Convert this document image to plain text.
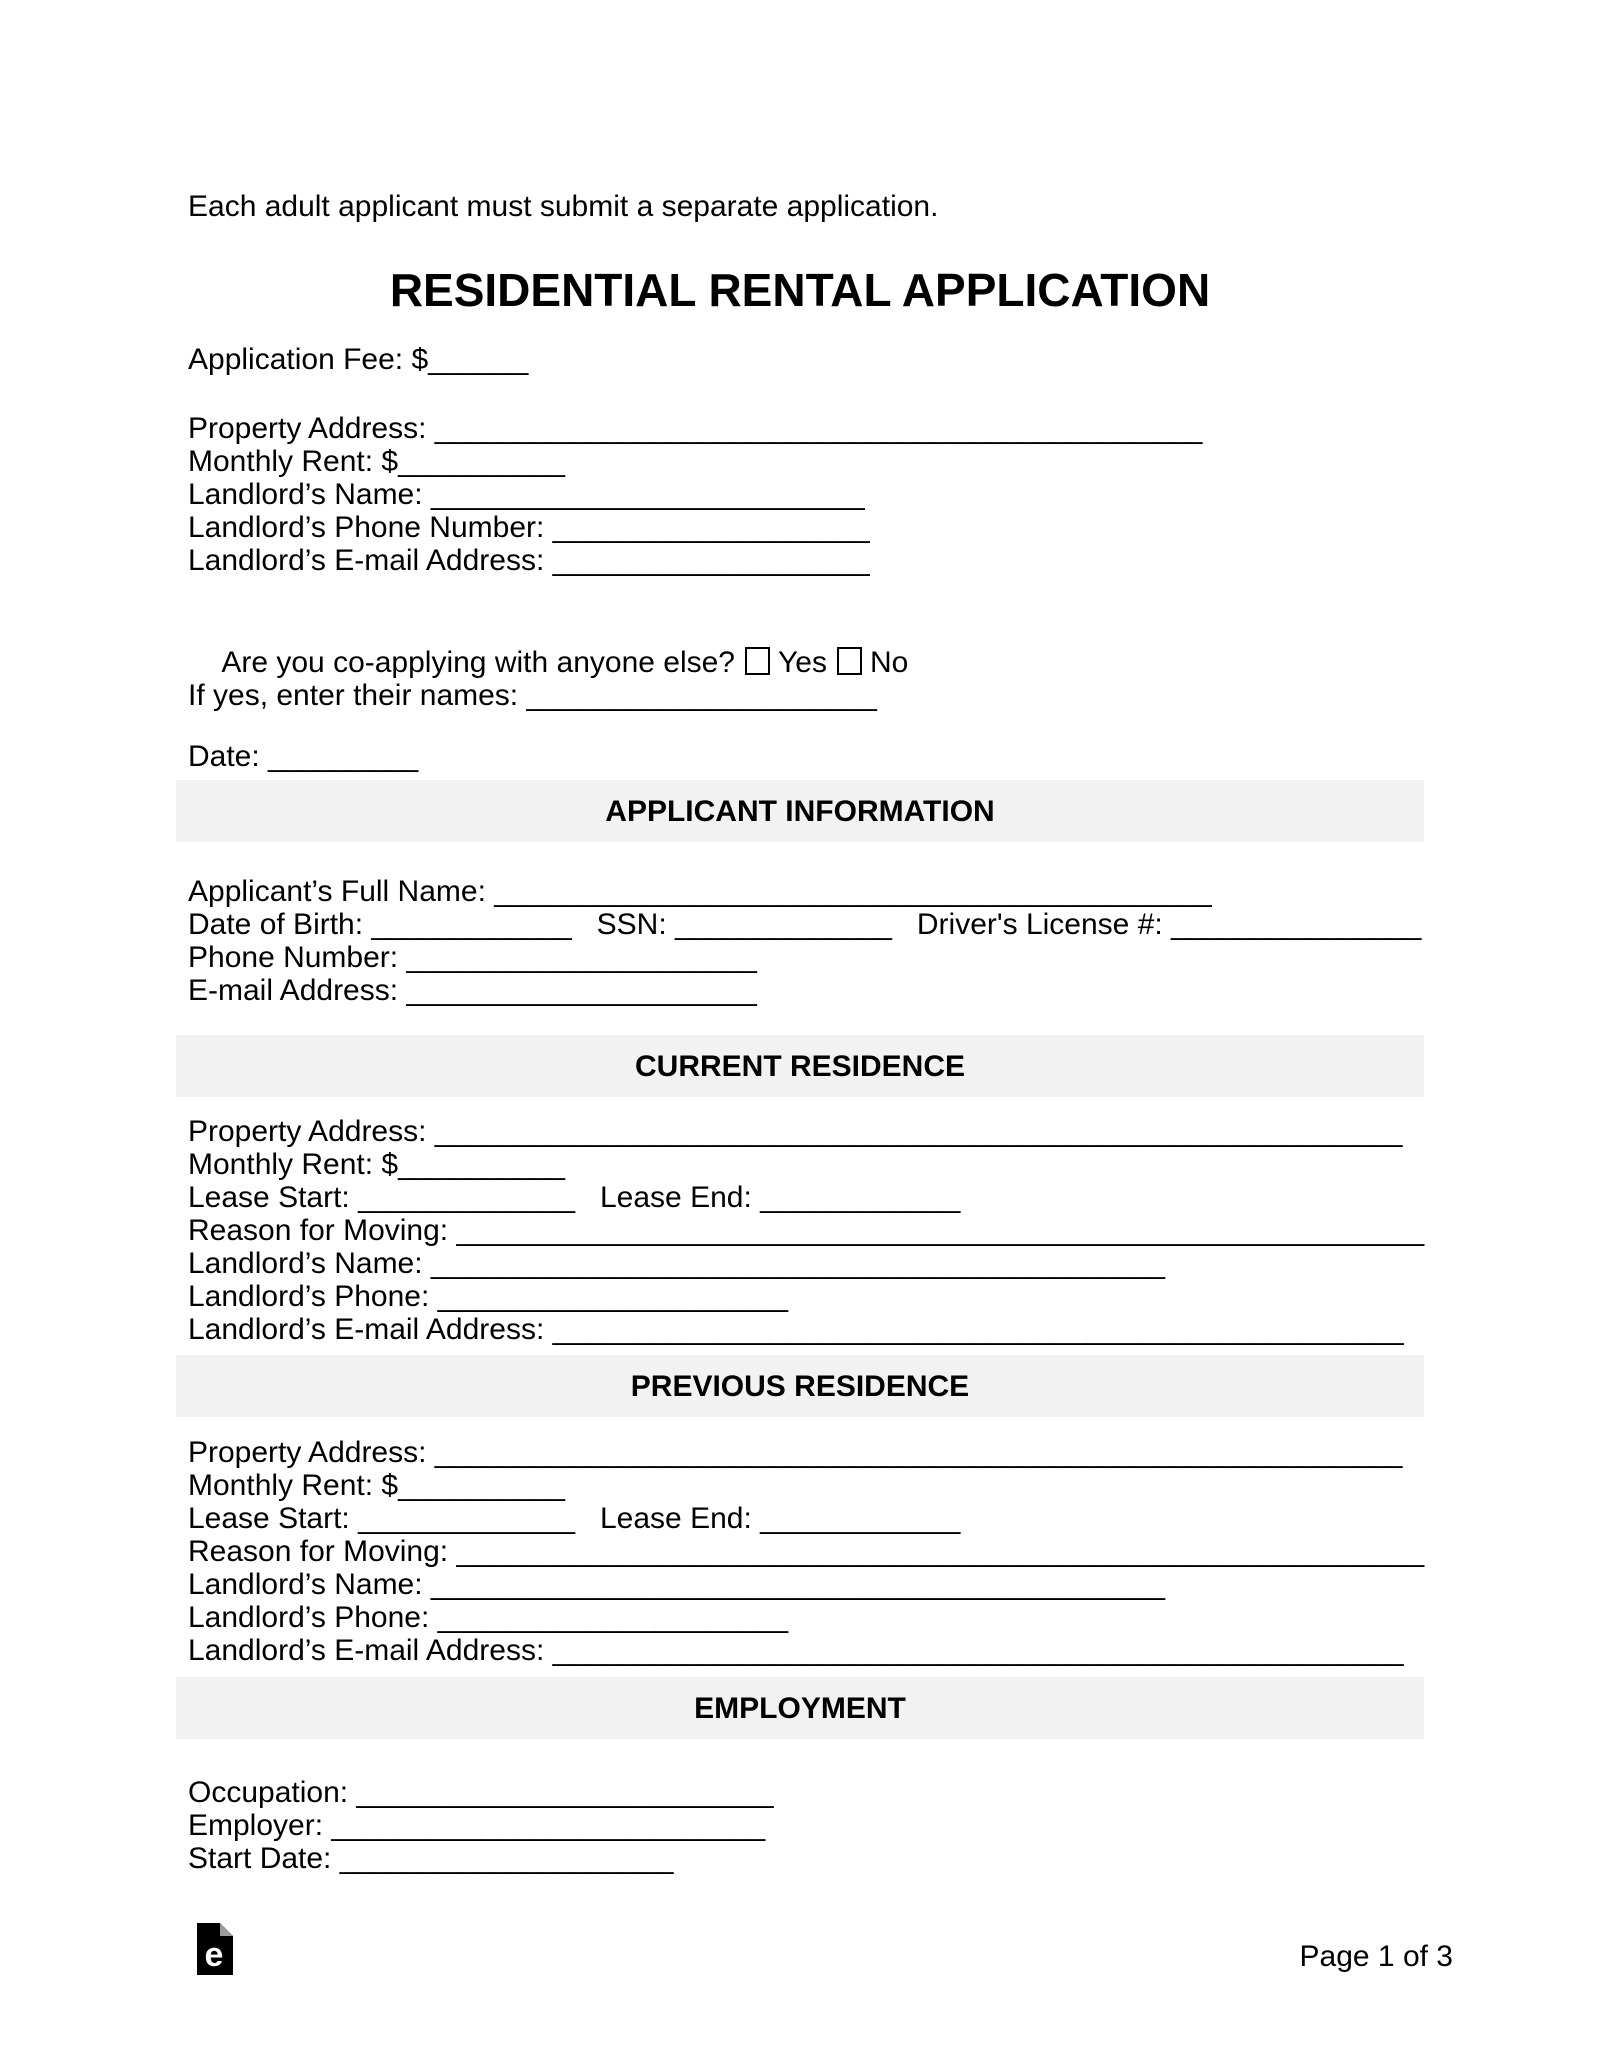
Each adult applicant must submit a separate application.
RESIDENTIAL RENTAL APPLICATION
Application Fee: $______
Property Address: ______________________________________________
Monthly Rent: $__________
Landlord’s Name: __________________________
Landlord’s Phone Number: ___________________
Landlord’s E-mail Address: ___________________

Are you co-applying with anyone else? Yes No

If yes, enter their names: _____________________
Date: _________
APPLICANT INFORMATION
Applicant’s Full Name: ___________________________________________
Date of Birth: ____________   SSN: _____________   Driver's License #: _______________
Phone Number: _____________________
E-mail Address: _____________________
CURRENT RESIDENCE
Property Address: __________________________________________________________
Monthly Rent: $__________
Lease Start: _____________   Lease End: ____________
Reason for Moving: __________________________________________________________
Landlord’s Name: ____________________________________________
Landlord’s Phone: _____________________
Landlord’s E-mail Address: ___________________________________________________
PREVIOUS RESIDENCE
Property Address: __________________________________________________________
Monthly Rent: $__________
Lease Start: _____________   Lease End: ____________
Reason for Moving: __________________________________________________________
Landlord’s Name: ____________________________________________
Landlord’s Phone: _____________________
Landlord’s E-mail Address: ___________________________________________________
EMPLOYMENT
Occupation: _________________________
Employer: __________________________
Start Date: ____________________
e	Page 1 of 3
